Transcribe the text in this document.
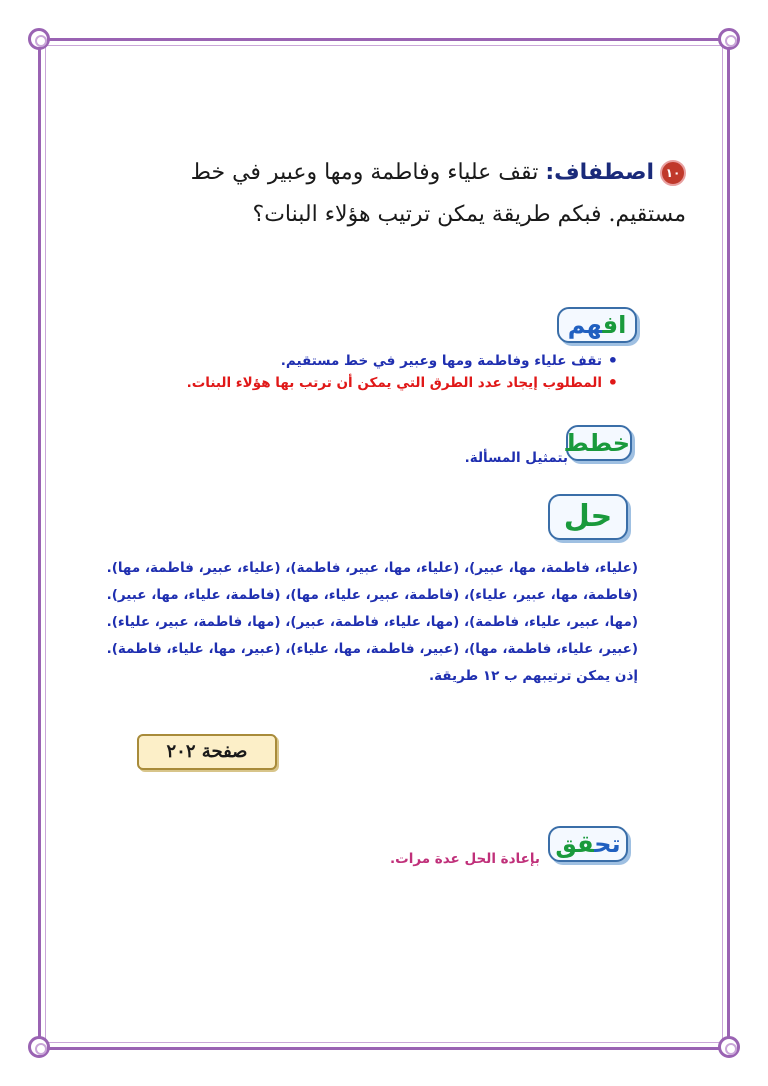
١٠اصطفاف: تقف علياء وفاطمة ومها وعبير في خط
مستقيم. فبكم طريقة يمكن ترتيب هؤلاء البنات؟
افهم
• تقف علياء وفاطمة ومها وعبير في خط مستقيم.
• المطلوب إيجاد عدد الطرق التي يمكن أن ترتب بها هؤلاء البنات.
خطط
بتمثيل المسألة.
حل

(علياء، فاطمة، مها، عبير)، (علياء، مها، عبير، فاطمة)، (علياء، عبير، فاطمة، مها).

(فاطمة، مها، عبير، علياء)، (فاطمة، عبير، علياء، مها)، (فاطمة، علياء، مها، عبير).

(مها، عبير، علياء، فاطمة)، (مها، علياء، فاطمة، عبير)، (مها، فاطمة، عبير، علياء).

(عبير، علياء، فاطمة، مها)، (عبير، فاطمة، مها، علياء)، (عبير، مها، علياء، فاطمة).

إذن يمكن ترتيبهم ب ١٢ طريقة.

تحقق
بإعادة الحل عدة مرات.
صفحة ٢٠٢
